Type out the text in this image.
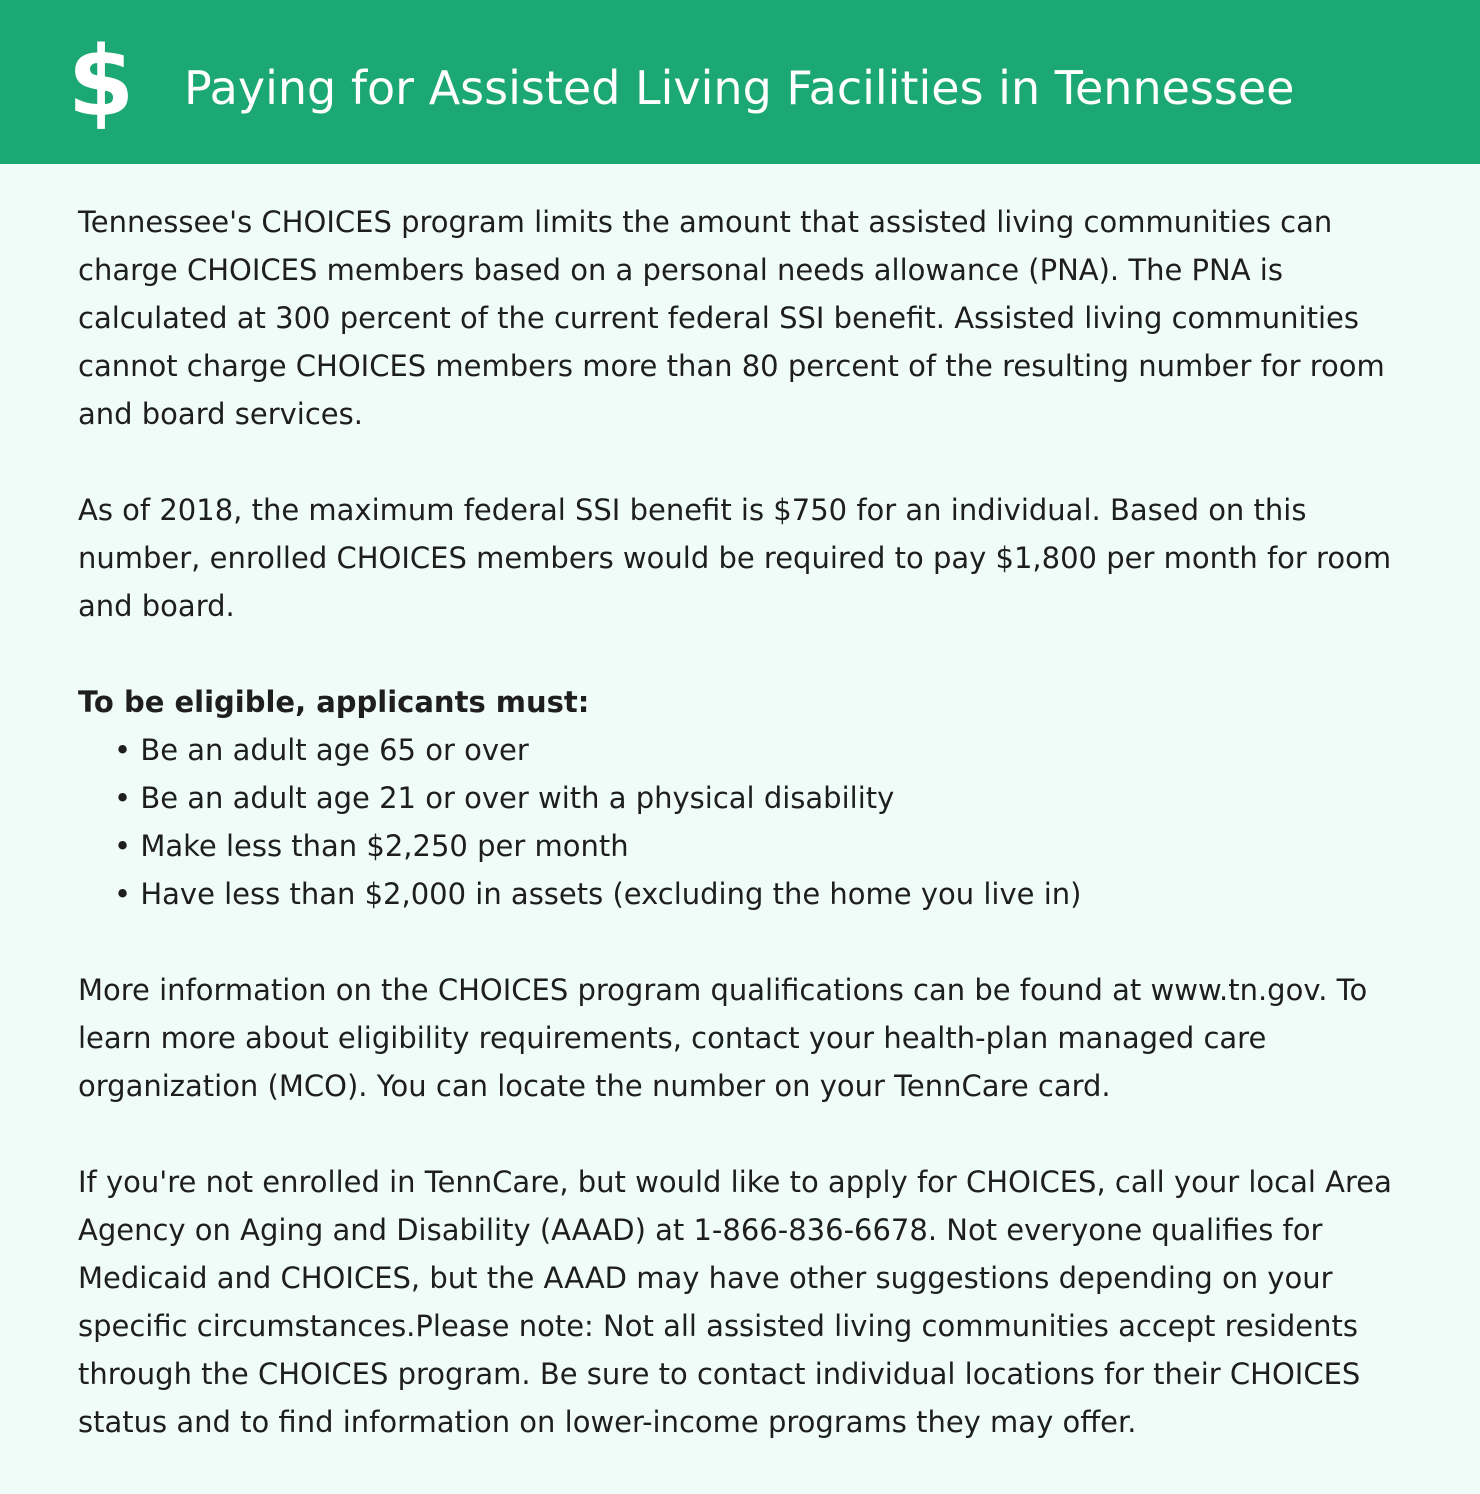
$ Paying for Assisted Living Facilities in Tennessee

Tennessee's CHOICES program limits the amount that assisted living communities can charge CHOICES members based on a personal needs allowance (PNA). The PNA is calculated at 300 percent of the current federal SSI benefit. Assisted living communities cannot charge CHOICES members more than 80 percent of the resulting number for room and board services.

As of 2018, the maximum federal SSI benefit is $750 for an individual. Based on this number, enrolled CHOICES members would be required to pay $1,800 per month for room and board.

To be eligible, applicants must:

• Be an adult age 65 or over
• Be an adult age 21 or over with a physical disability
• Make less than $2,250 per month
• Have less than $2,000 in assets (excluding the home you live in)

More information on the CHOICES program qualifications can be found at www.tn.gov. To learn more about eligibility requirements, contact your health-plan managed care organization (MCO). You can locate the number on your TennCare card.

If you're not enrolled in TennCare, but would like to apply for CHOICES, call your local Area Agency on Aging and Disability (AAAD) at 1-866-836-6678. Not everyone qualifies for Medicaid and CHOICES, but the AAAD may have other suggestions depending on your specific circumstances.Please note: Not all assisted living communities accept residents through the CHOICES program. Be sure to contact individual locations for their CHOICES status and to find information on lower-income programs they may offer.
